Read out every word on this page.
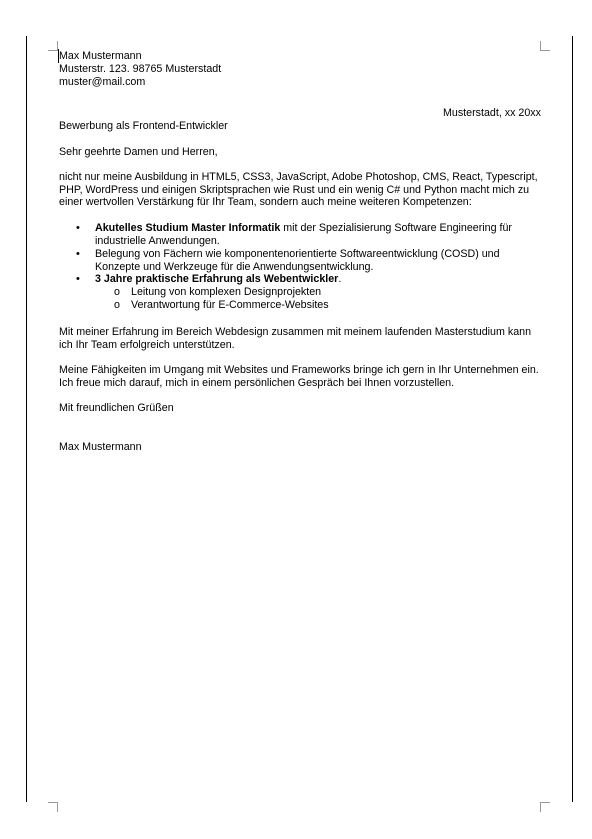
Max Mustermann
Musterstr. 123. 98765 Musterstadt
muster@mail.com
Musterstadt, xx 20xx
Bewerbung als Frontend-Entwickler

Sehr geehrte Damen und Herren,

nicht nur meine Ausbildung in HTML5, CSS3, JavaScript, Adobe Photoshop, CMS, React, Typescript, PHP, WordPress und einigen Skriptsprachen wie Rust und ein wenig C# und Python macht mich zu einer wertvollen Verstärkung für Ihr Team, sondern auch meine weiteren Kompetenzen:

• Akutelles Studium Master Informatik mit der Spezialisierung Software Engineering für industrielle Anwendungen.
• Belegung von Fächern wie komponentenorientierte Softwareentwicklung (COSD) und Konzepte und Werkzeuge für die Anwendungsentwicklung.
• 3 Jahre praktische Erfahrung als Webentwickler.
o Leitung von komplexen Designprojekten
o Verantwortung für E-Commerce-Websites

Mit meiner Erfahrung im Bereich Webdesign zusammen mit meinem laufenden Masterstudium kann ich Ihr Team erfolgreich unterstützen.

Meine Fähigkeiten im Umgang mit Websites und Frameworks bringe ich gern in Ihr Unternehmen ein. Ich freue mich darauf, mich in einem persönlichen Gespräch bei Ihnen vorzustellen.

Mit freundlichen Grüßen

Max Mustermann
